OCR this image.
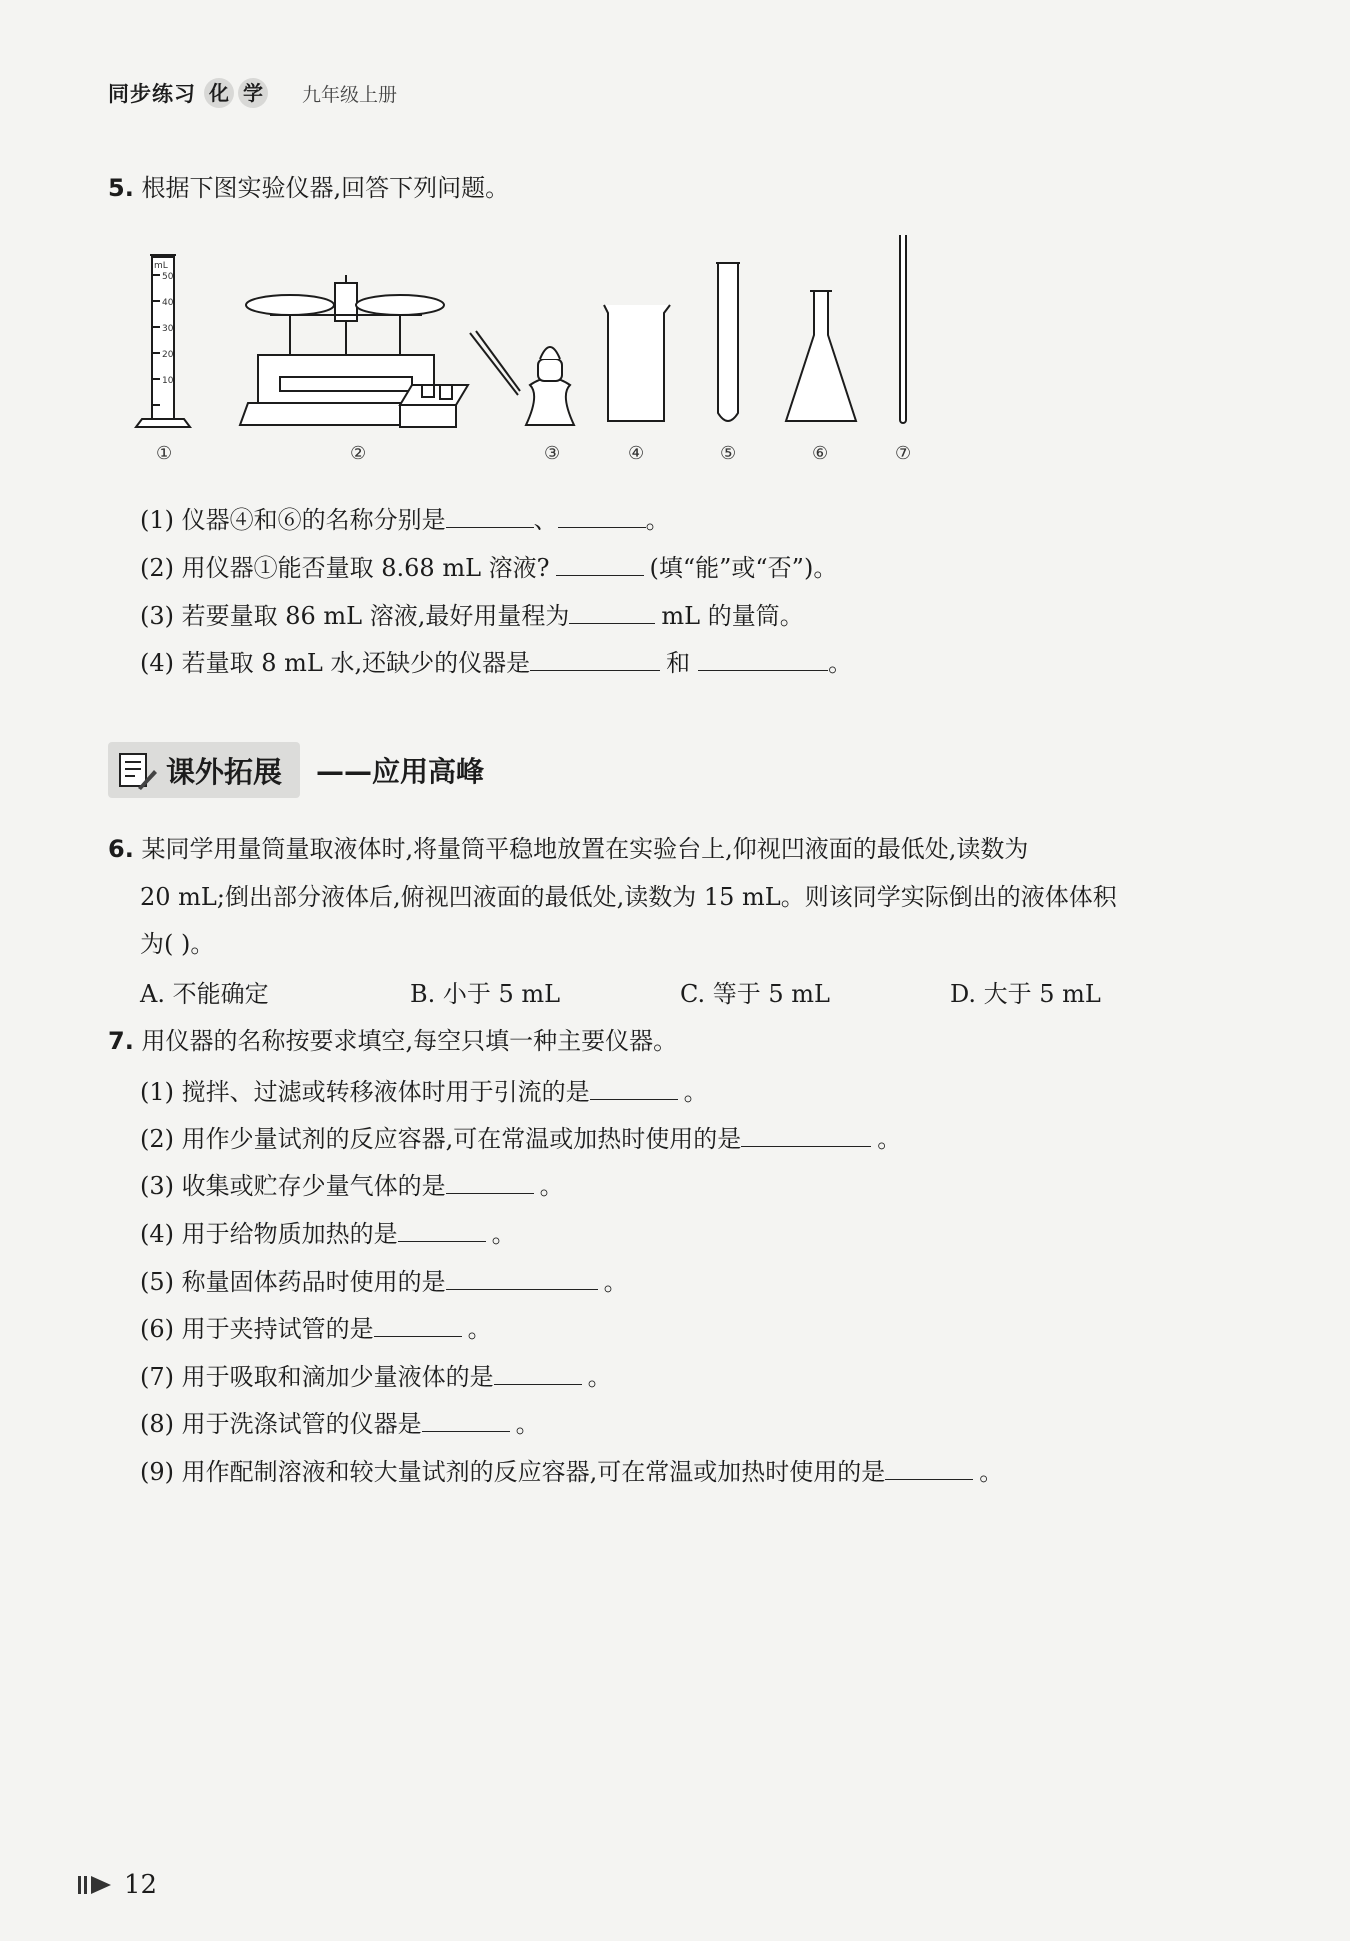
同步练习 化 学 九年级上册
5. 根据下图实验仪器,回答下列问题。
mL
50
40
30
20
10
①	②	③	④	⑤	⑥	⑦
(1) 仪器④和⑥的名称分别是	、	。
(2) 用仪器①能否量取 8.68 mL 溶液?	(填“能”或“否”)。
(3) 若要量取 86 mL 溶液,最好用量程为	mL 的量筒。
(4) 若量取 8 mL 水,还缺少的仪器是	和	。
课外拓展 ——应用高峰
6. 某同学用量筒量取液体时,将量筒平稳地放置在实验台上,仰视凹液面的最低处,读数为
20 mL;倒出部分液体后,俯视凹液面的最低处,读数为 15 mL。则该同学实际倒出的液体体积
为( )。
A. 不能确定	B. 小于 5 mL	C. 等于 5 mL	D. 大于 5 mL
7. 用仪器的名称按要求填空,每空只填一种主要仪器。
(1) 搅拌、过滤或转移液体时用于引流的是	。
(2) 用作少量试剂的反应容器,可在常温或加热时使用的是	。
(3) 收集或贮存少量气体的是	。
(4) 用于给物质加热的是	。
(5) 称量固体药品时使用的是	。
(6) 用于夹持试管的是	。
(7) 用于吸取和滴加少量液体的是	。
(8) 用于洗涤试管的仪器是	。
(9) 用作配制溶液和较大量试剂的反应容器,可在常温或加热时使用的是	。
12
